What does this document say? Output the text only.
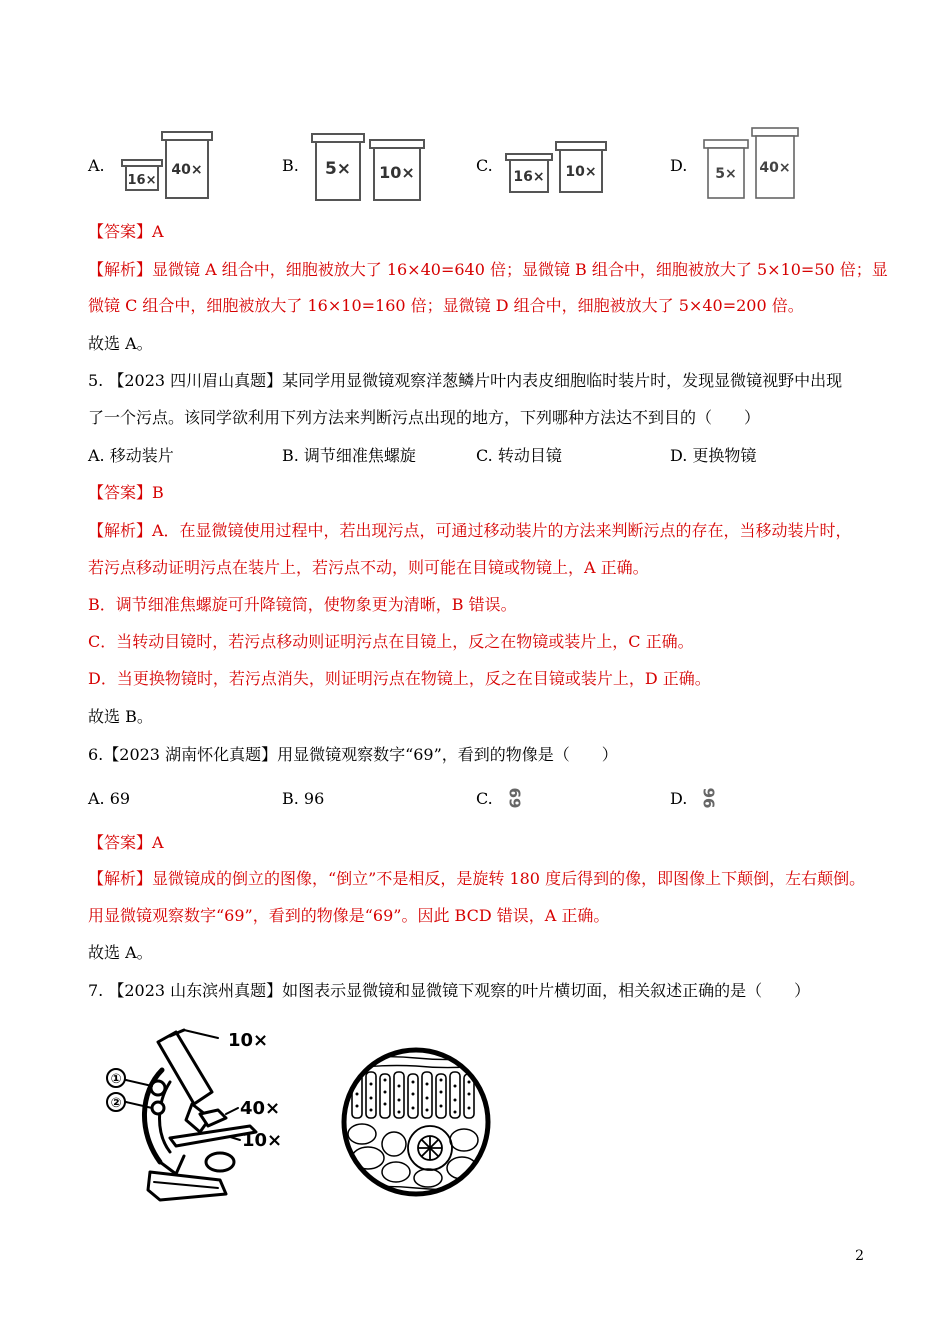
A.
16×
40×	B. 5× 10×	C.
16× 10×	D. 5× 40×
【答案】A
【解析】显微镜 A 组合中，细胞被放大了 16×40=640 倍；显微镜 B 组合中，细胞被放大了 5×10=50 倍；显
微镜 C 组合中，细胞被放大了 16×10=160 倍；显微镜 D 组合中，细胞被放大了 5×40=200 倍。
故选 A。
5. 【2023 四川眉山真题】某同学用显微镜观察洋葱鳞片叶内表皮细胞临时装片时，发现显微镜视野中出现
了一个污点。该同学欲利用下列方法来判断污点出现的地方，下列哪种方法达不到目的（　　）
A. 移动装片	B. 调节细准焦螺旋	C. 转动目镜	D. 更换物镜
【答案】B
【解析】A．在显微镜使用过程中，若出现污点，可通过移动装片的方法来判断污点的存在，当移动装片时，
若污点移动证明污点在装片上，若污点不动，则可能在目镜或物镜上，A 正确。
B．调节细准焦螺旋可升降镜筒，使物象更为清晰，B 错误。
C．当转动目镜时，若污点移动则证明污点在目镜上，反之在物镜或装片上，C 正确。
D．当更换物镜时，若污点消失，则证明污点在物镜上，反之在目镜或装片上，D 正确。
故选 B。
6.【2023 湖南怀化真题】用显微镜观察数字“69”，看到的物像是（　　）
A. 69	B. 96	C. 69	D. 96
【答案】A
【解析】显微镜成的倒立的图像，“倒立”不是相反，是旋转 180 度后得到的像，即图像上下颠倒，左右颠倒。
用显微镜观察数字“69”，看到的物像是“69”。因此 BCD 错误，A 正确。
故选 A。
7. 【2023 山东滨州真题】如图表示显微镜和显微镜下观察的叶片横切面，相关叙述正确的是（　　）
①
②
10×
40×
10×
2
